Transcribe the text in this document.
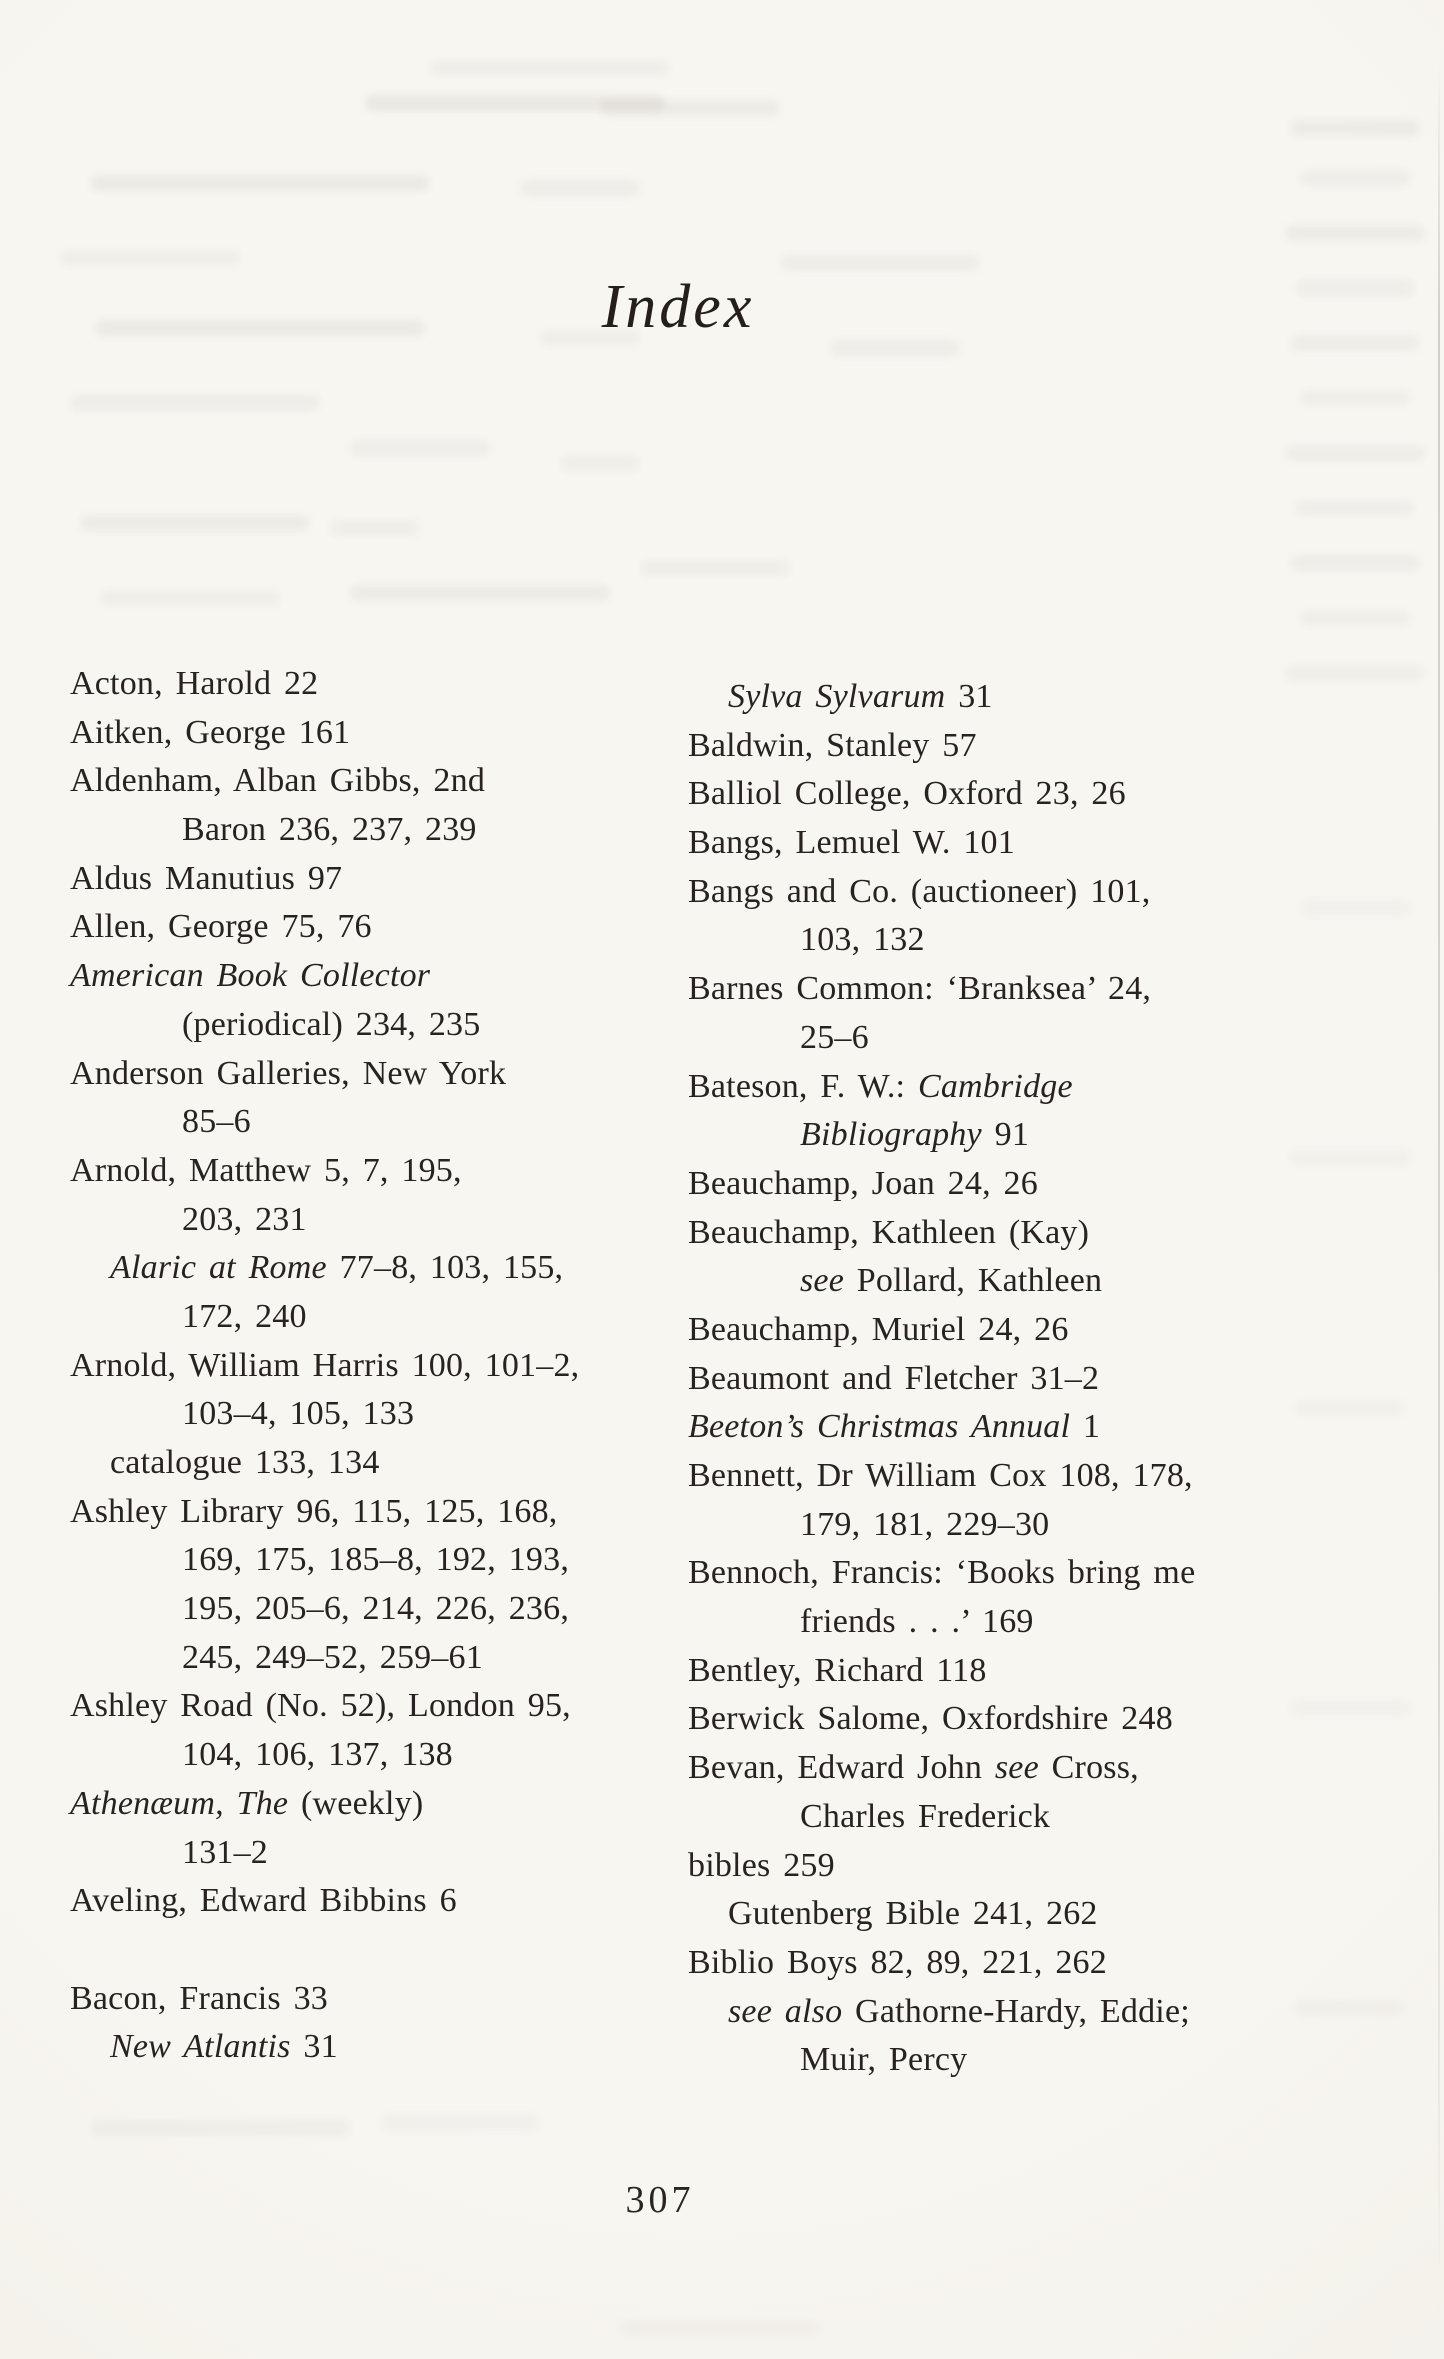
Index
Acton, Harold 22
Aitken, George 161
Aldenham, Alban Gibbs, 2nd
Baron 236, 237, 239
Aldus Manutius 97
Allen, George 75, 76
American Book Collector
(periodical) 234, 235
Anderson Galleries, New York
85–6
Arnold, Matthew 5, 7, 195,
203, 231
Alaric at Rome 77–8, 103, 155,
172, 240
Arnold, William Harris 100, 101–2,
103–4, 105, 133
catalogue 133, 134
Ashley Library 96, 115, 125, 168,
169, 175, 185–8, 192, 193,
195, 205–6, 214, 226, 236,
245, 249–52, 259–61
Ashley Road (No. 52), London 95,
104, 106, 137, 138
Athenæum, The (weekly)
131–2
Aveling, Edward Bibbins 6
Bacon, Francis 33
New Atlantis 31
Sylva Sylvarum 31
Baldwin, Stanley 57
Balliol College, Oxford 23, 26
Bangs, Lemuel W. 101
Bangs and Co. (auctioneer) 101,
103, 132
Barnes Common: ‘Branksea’ 24,
25–6
Bateson, F. W.: Cambridge
Bibliography 91
Beauchamp, Joan 24, 26
Beauchamp, Kathleen (Kay)
see Pollard, Kathleen
Beauchamp, Muriel 24, 26
Beaumont and Fletcher 31–2
Beeton’s Christmas Annual 1
Bennett, Dr William Cox 108, 178,
179, 181, 229–30
Bennoch, Francis: ‘Books bring me
friends . . .’ 169
Bentley, Richard 118
Berwick Salome, Oxfordshire 248
Bevan, Edward John see Cross,
Charles Frederick
bibles 259
Gutenberg Bible 241, 262
Biblio Boys 82, 89, 221, 262
see also Gathorne-Hardy, Eddie;
Muir, Percy
307
